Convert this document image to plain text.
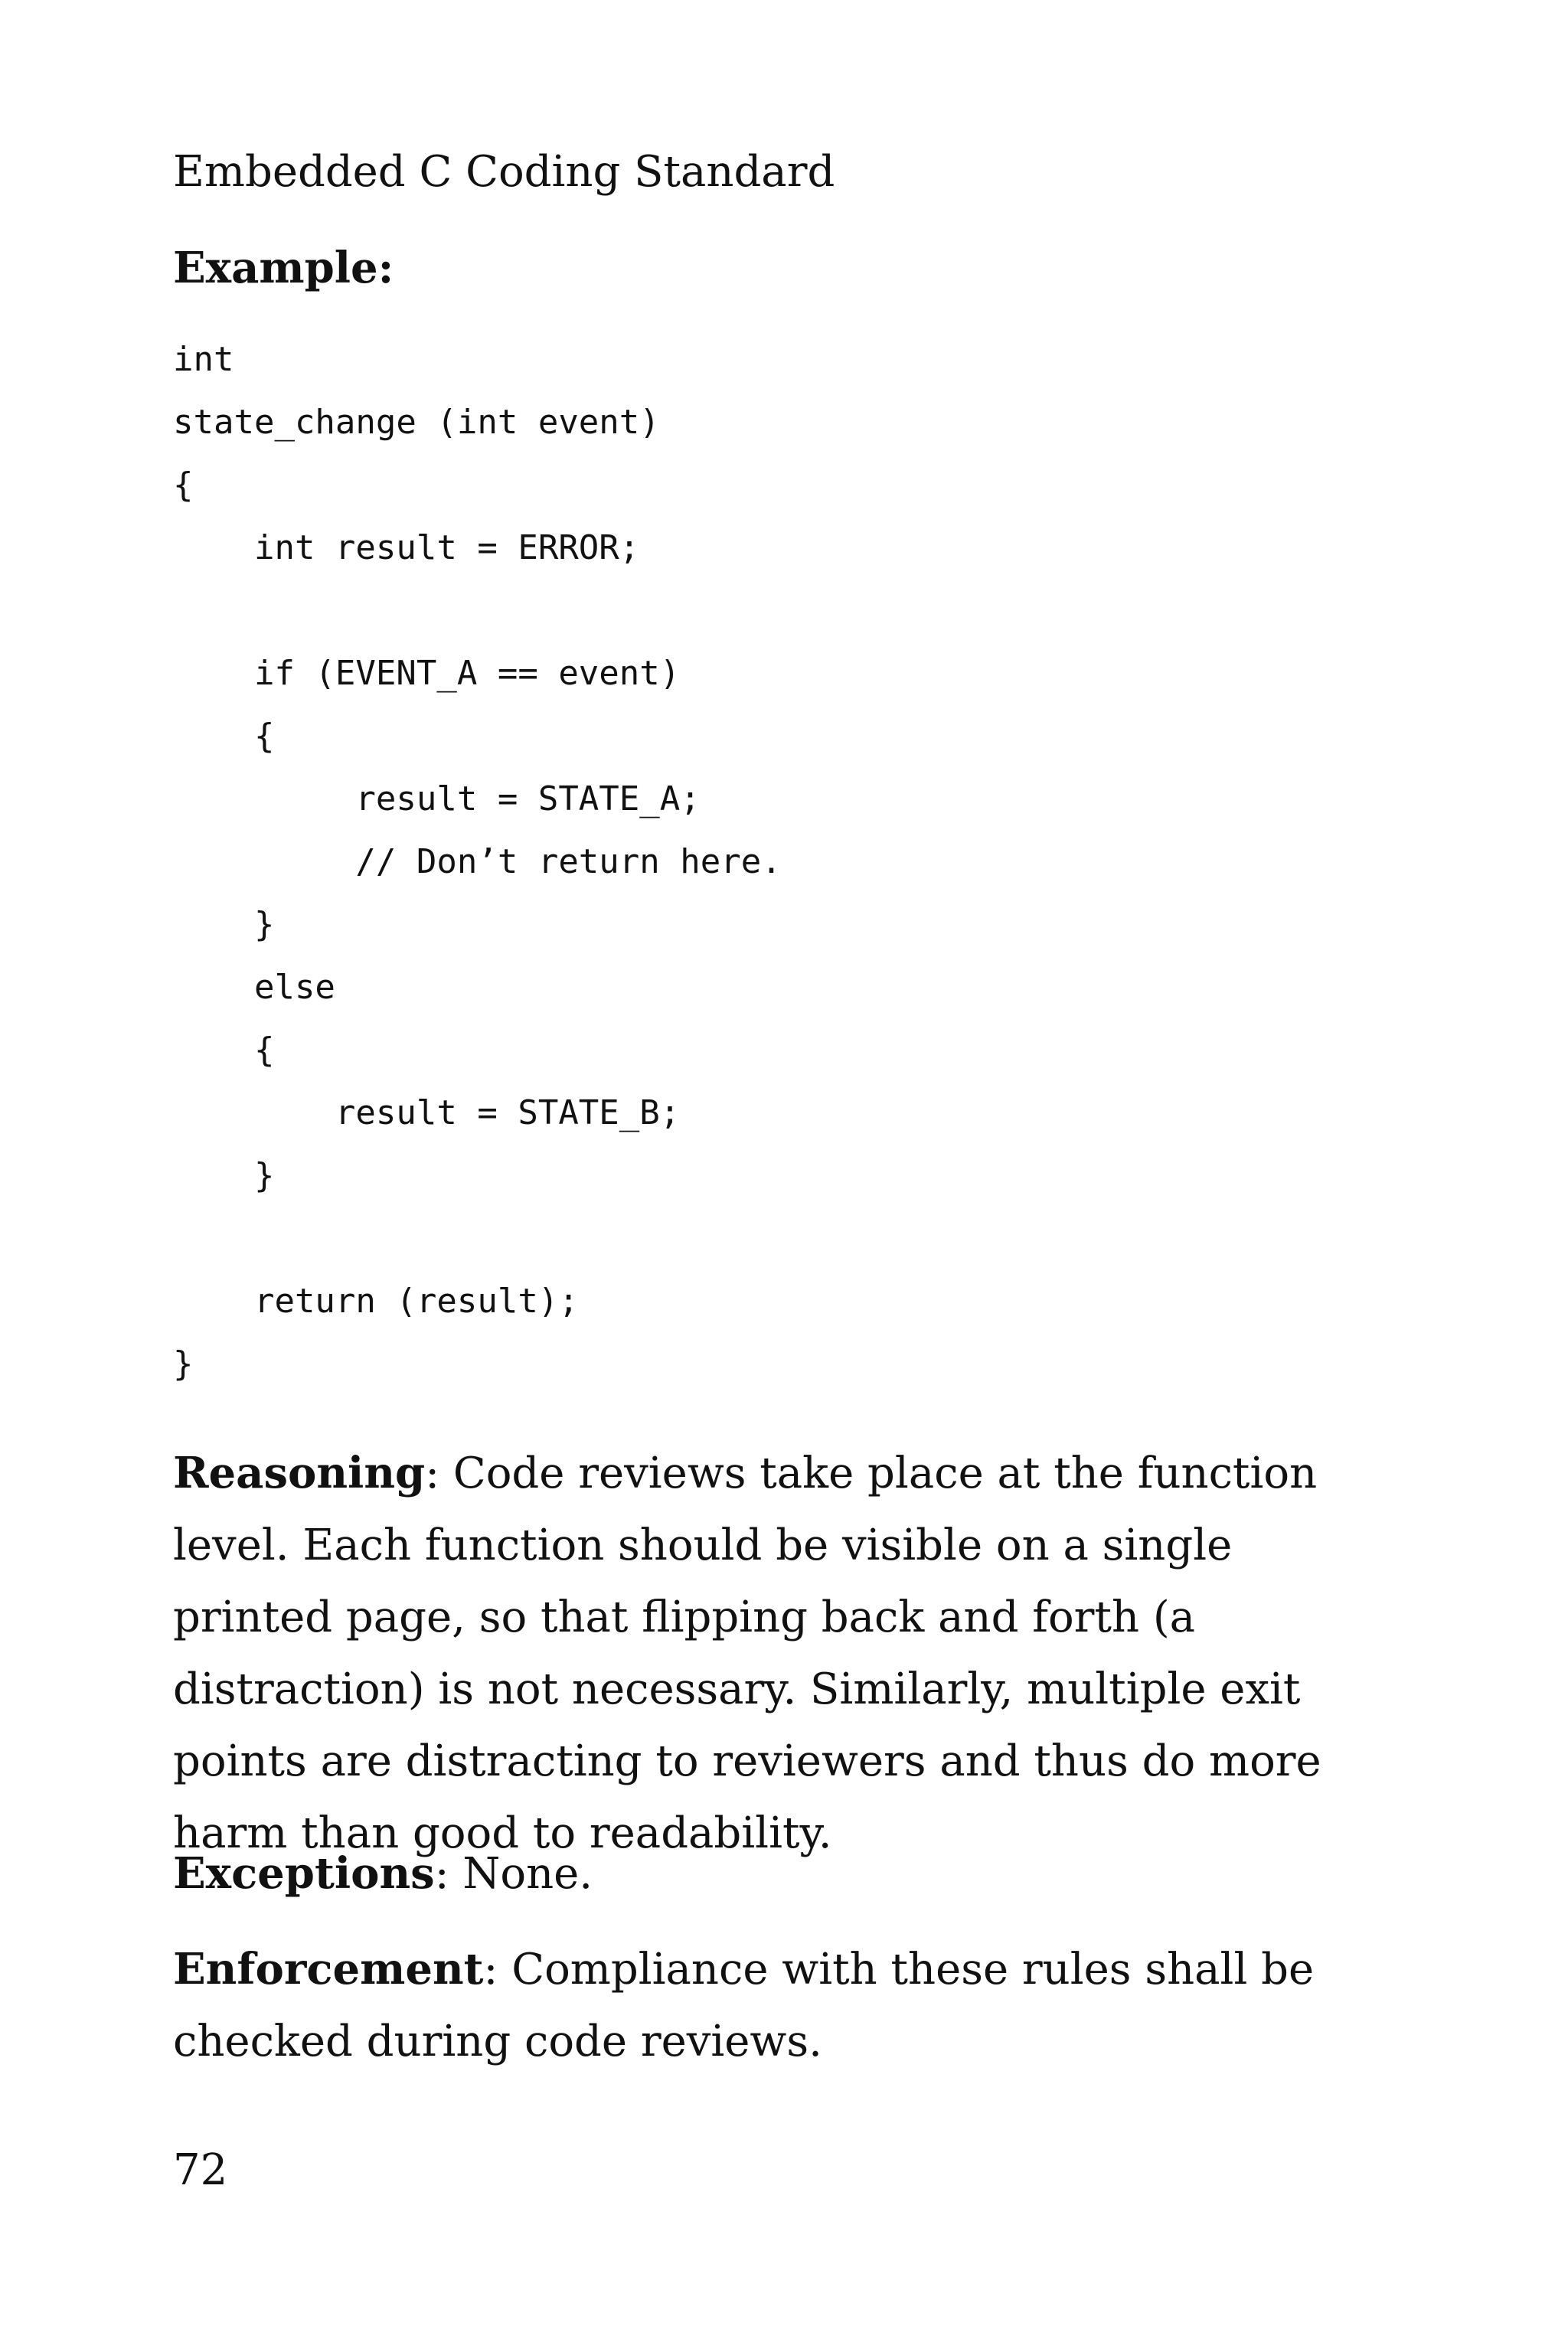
Embedded C Coding Standard
Example:
int
state_change (int event)
{
int result = ERROR;
if (EVENT_A == event)
{
result = STATE_A;
// Don’t return here.
}
else
{
result = STATE_B;
}
return (result);
}

Reasoning: Code reviews take place at the function level. Each function should be visible on a single printed page, so that flipping back and forth (a distraction) is not necessary. Similarly, multiple exit points are distracting to reviewers and thus do more harm than good to readability.

Exceptions: None.

Enforcement: Compliance with these rules shall be checked during code reviews.

72
